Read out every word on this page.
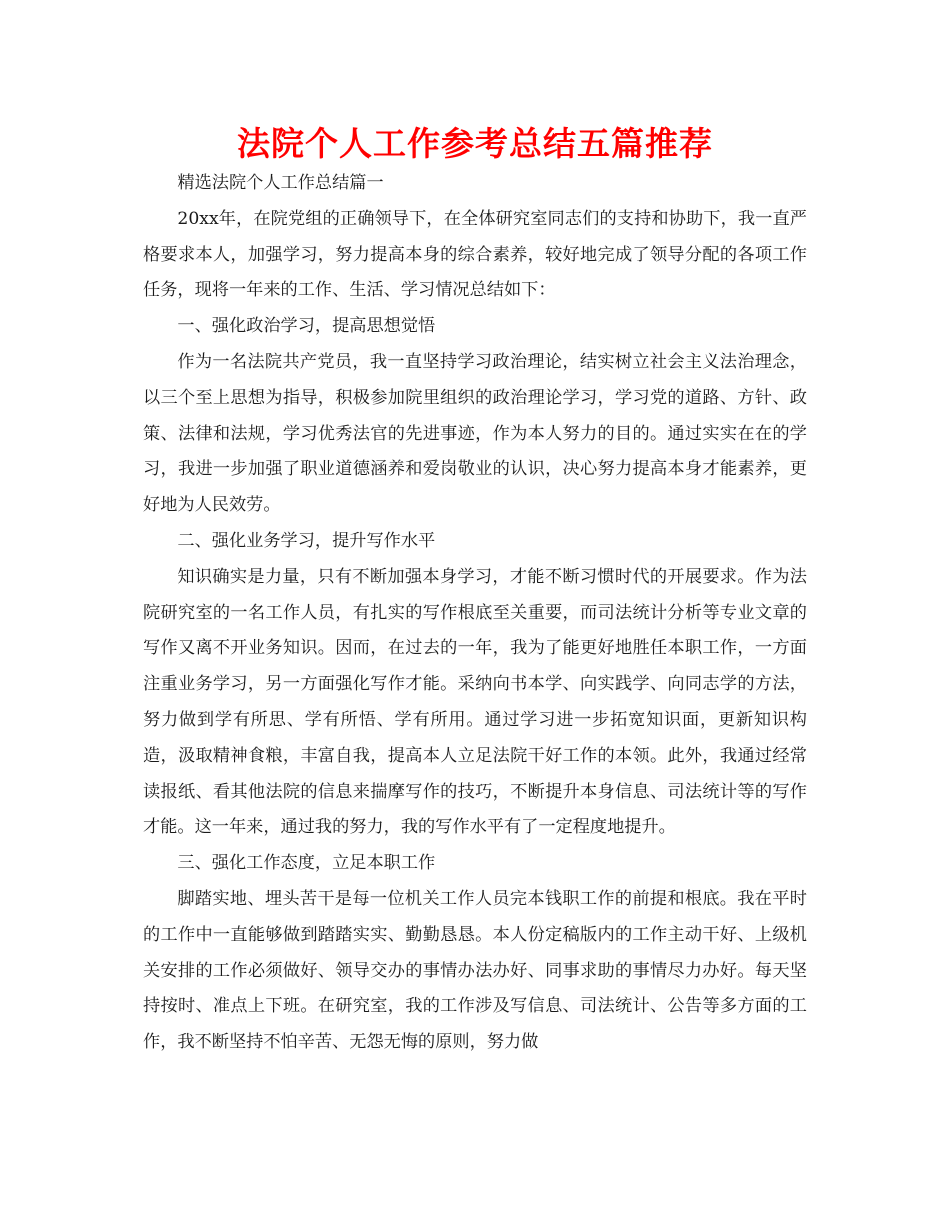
法院个人工作参考总结五篇推荐

精选法院个人工作总结篇一

20xx年，在院党组的正确领导下，在全体研究室同志们的支持和协助下，我一直严格要求本人，加强学习，努力提高本身的综合素养，较好地完成了领导分配的各项工作任务，现将一年来的工作、生活、学习情况总结如下：

一、强化政治学习，提高思想觉悟

作为一名法院共产党员，我一直坚持学习政治理论，结实树立社会主义法治理念，以三个至上思想为指导，积极参加院里组织的政治理论学习，学习党的道路、方针、政策、法律和法规，学习优秀法官的先进事迹，作为本人努力的目的。通过实实在在的学习，我进一步加强了职业道德涵养和爱岗敬业的认识，决心努力提高本身才能素养，更好地为人民效劳。

二、强化业务学习，提升写作水平

知识确实是力量，只有不断加强本身学习，才能不断习惯时代的开展要求。作为法院研究室的一名工作人员，有扎实的写作根底至关重要，而司法统计分析等专业文章的写作又离不开业务知识。因而，在过去的一年，我为了能更好地胜任本职工作，一方面注重业务学习，另一方面强化写作才能。采纳向书本学、向实践学、向同志学的方法，努力做到学有所思、学有所悟、学有所用。通过学习进一步拓宽知识面，更新知识构造，汲取精神食粮，丰富自我，提高本人立足法院干好工作的本领。此外，我通过经常读报纸、看其他法院的信息来揣摩写作的技巧，不断提升本身信息、司法统计等的写作才能。这一年来，通过我的努力，我的写作水平有了一定程度地提升。

三、强化工作态度，立足本职工作

脚踏实地、埋头苦干是每一位机关工作人员完本钱职工作的前提和根底。我在平时的工作中一直能够做到踏踏实实、勤勤恳恳。本人份定稿版内的工作主动干好、上级机关安排的工作必须做好、领导交办的事情办法办好、同事求助的事情尽力办好。每天坚持按时、准点上下班。在研究室，我的工作涉及写信息、司法统计、公告等多方面的工作，我不断坚持不怕辛苦、无怨无悔的原则，努力做
